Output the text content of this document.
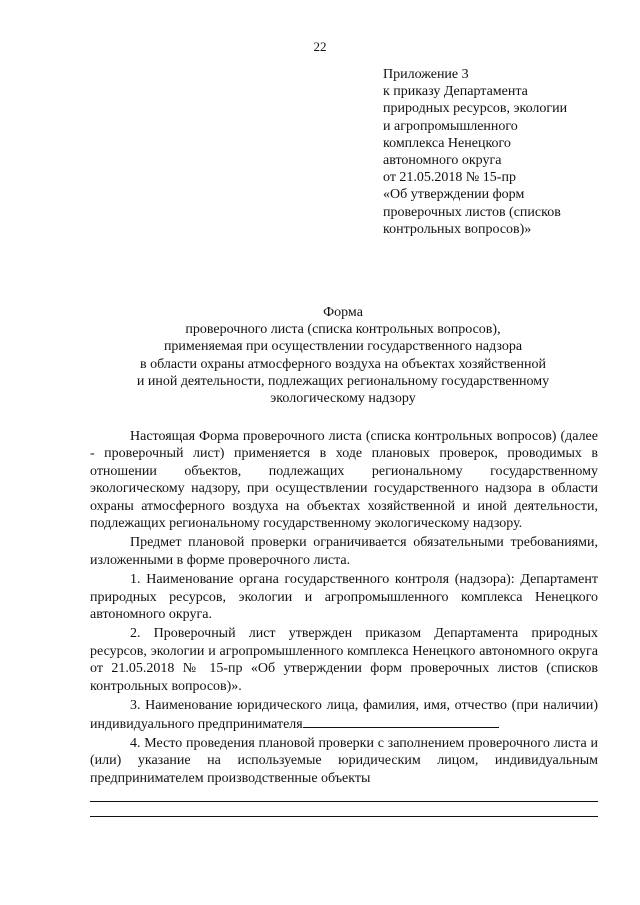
22
Приложение 3
к приказу Департамента
природных ресурсов, экологии
и агропромышленного
комплекса Ненецкого
автономного округа
от 21.05.2018 № 15-пр
«Об утверждении форм
проверочных листов (списков
контрольных вопросов)»
Форма
проверочного листа (списка контрольных вопросов),
применяемая при осуществлении государственного надзора
в области охраны атмосферного воздуха на объектах хозяйственной
и иной деятельности, подлежащих региональному государственному
экологическому надзору

Настоящая Форма проверочного листа (списка контрольных вопросов) (далее - проверочный лист) применяется в ходе плановых проверок, проводимых в отношении объектов, подлежащих региональному государственному экологическому надзору, при осуществлении государственного надзора в области охраны атмосферного воздуха на объектах хозяйственной и иной деятельности, подлежащих региональному государственному экологическому надзору.

Предмет плановой проверки ограничивается обязательными требованиями, изложенными в форме проверочного листа.

1. Наименование органа государственного контроля (надзора): Департамент природных ресурсов, экологии и агропромышленного комплекса Ненецкого автономного округа.

2. Проверочный лист утвержден приказом Департамента природных ресурсов, экологии и агропромышленного комплекса Ненецкого автономного округа от 21.05.2018 № 15-пр «Об утверждении форм проверочных листов (списков контрольных вопросов)».

3. Наименование юридического лица, фамилия, имя, отчество (при наличии) индивидуального предпринимателя

4. Место проведения плановой проверки с заполнением проверочного листа и (или) указание на используемые юридическим лицом, индивидуальным предпринимателем производственные объекты
